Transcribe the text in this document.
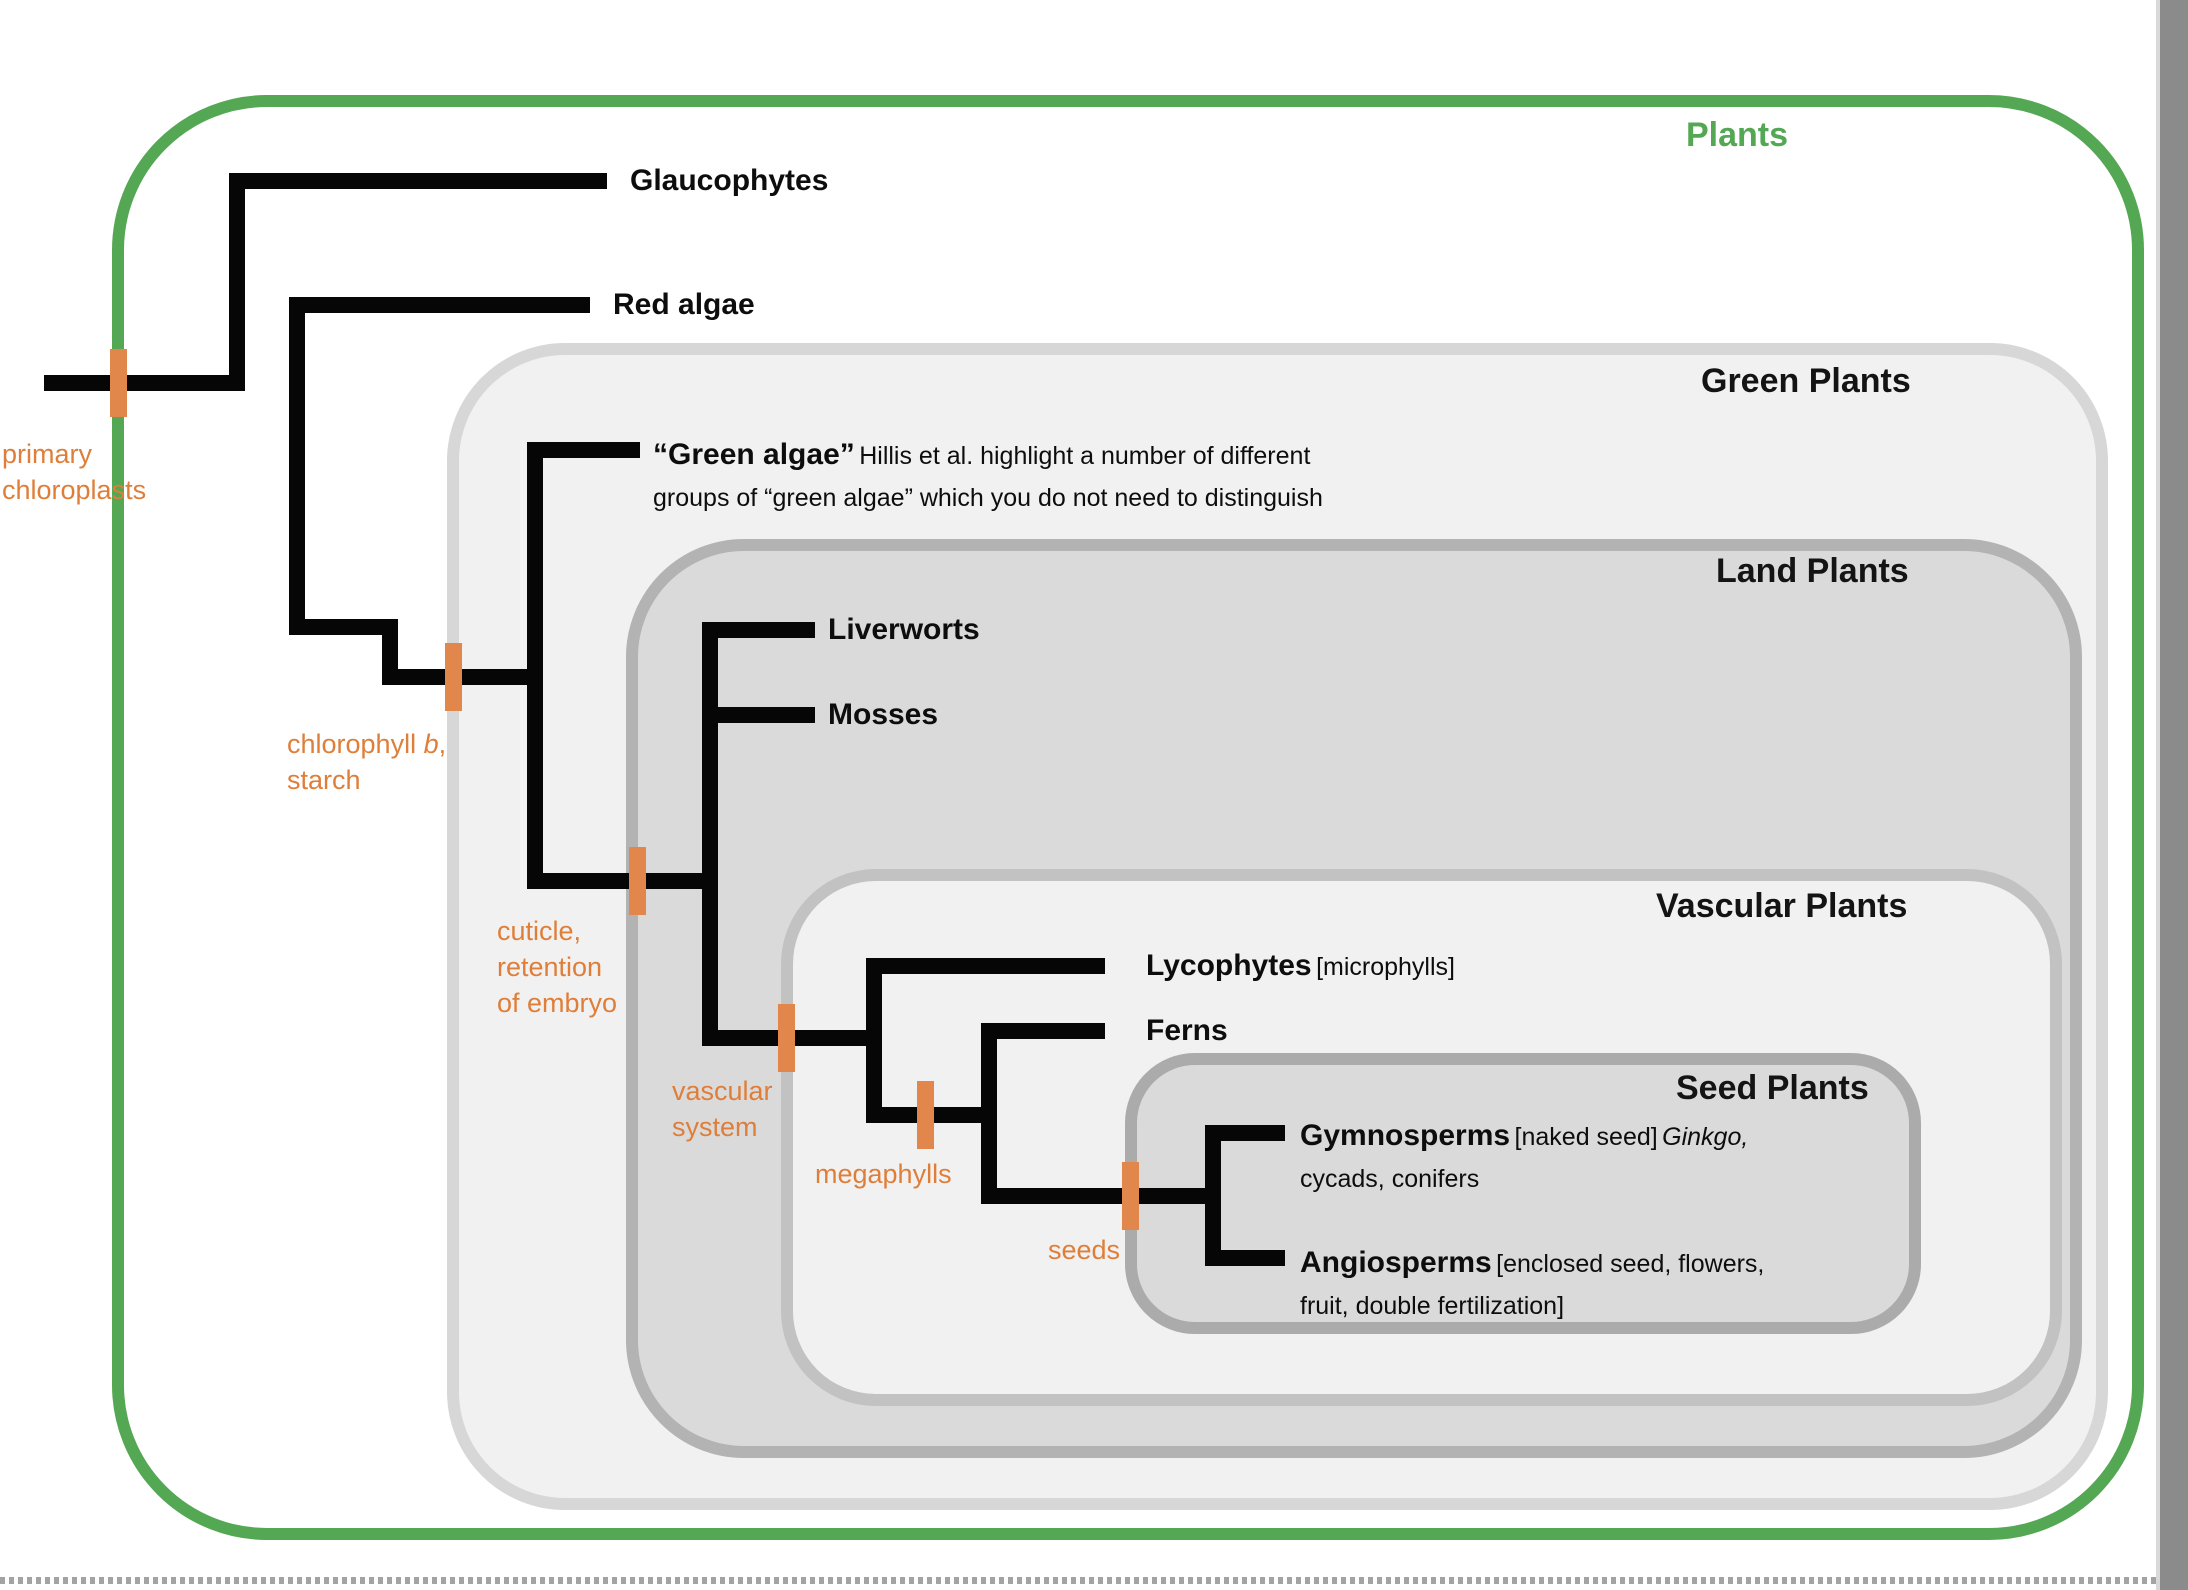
Plants
Green Plants
Land Plants
Vascular Plants
Seed Plants
Glaucophytes
Red algae
“Green algae” Hillis et al. highlight a number of different
groups of “green algae” which you do not need to distinguish
Liverworts
Mosses
Lycophytes [microphylls]
Ferns
Gymnosperms [naked seed] Ginkgo,
cycads, conifers
Angiosperms [enclosed seed, flowers,
fruit, double fertilization]
primary
chloroplasts
chlorophyll b,
starch
cuticle,
retention
of embryo
vascular
system
megaphylls
seeds
